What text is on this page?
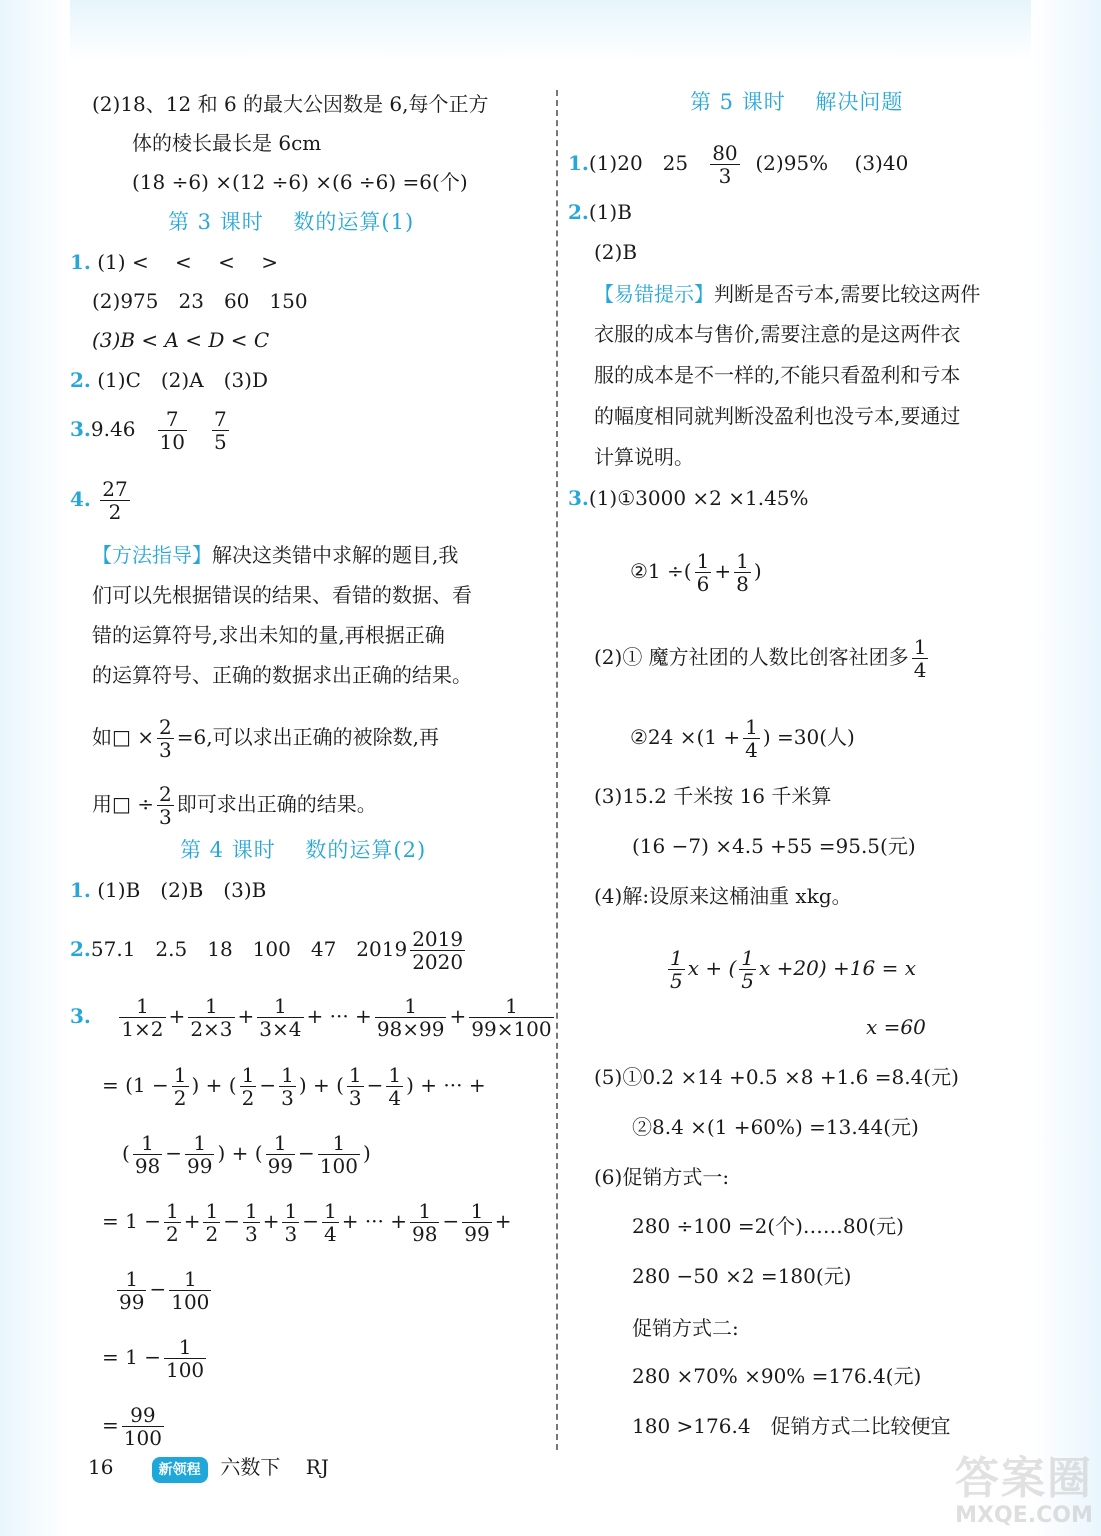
(2)18、12 和 6 的最大公因数是 6,每个正方
体的棱长最长是 6cm
(18 ÷6) ×(12 ÷6) ×(6 ÷6) =6(个)
第 3 课时　 数的运算(1)
1. (1) <　 <　 <　 >
(2)975　23　60　150
(3)B < A < D < C
2. (1)C　(2)A　(3)D
$3.9.46 \frac{7}{10}$
$\frac{7}{5}$
4. $\frac{27}{2}$
【方法指导】解决这类错中求解的题目,我
们可以先根据错误的结果、看错的数据、看
错的运算符号,求出未知的量,再根据正确
的运算符号、正确的数据求出正确的结果。
如□ × $\frac{2}{3} =6$,可以求出正确的被除数,再
用□ ÷ $\frac{2}{3}$ 即可求出正确的结果。
第 4 课时　 数的运算(2)
1. (1)B　(2)B　(3)B
2.57.1　2.5　18　100　47　$2019 \frac{2019}{2020}$
3. $\frac{1}{1\times 2} + \frac{1}{2\times 3} + \frac{1}{3\times 4}$ + ··· + $\frac{1}{98\times 99} + \frac{1}{99\times 100}$
= ($1 - \frac{1}{2}$ ) + ( $\frac{1}{2} - \frac{1}{3}$ ) + ( $\frac{1}{3} - \frac{1}{4}$ ) + ··· +
( $\frac{1}{98} - \frac{1}{99}$ ) + ( $\frac{1}{99} - \frac{1}{100}$ )
= $1 - \frac{1}{2} + \frac{1}{2} - \frac{1}{3} + \frac{1}{3} - \frac{1}{4}$ + ··· + $\frac{1}{98} - \frac{1}{99}$ +
$\frac{1}{99} - \frac{1}{100}$
= $1 - \frac{1}{100}$
= $\frac{99}{100}$
16	新领程 六数下 RJ
第 5 课时　 解决问题
1.(1)20　$25 \frac{80}{3} (2)95\%$　 (3)40
2.(1)B
(2)B
【易错提示】判断是否亏本,需要比较这两件
衣服的成本与售价,需要注意的是这两件衣
服的成本是不一样的,不能只看盈利和亏本
的幅度相同就判断没盈利也没亏本,要通过
计算说明。
3.(1)①3000 ×2 ×1.45%
②1 ÷( $\frac{1}{6} + \frac{1}{8}$ )
(2)① 魔方社团的人数比创客社团多 $\frac{1}{4}$
②24 $\times(1 + \frac{1}{4}$ ) =30(人)
(3)15.2 千米按 16 千米算
(16 −7) ×4.5 +55 =95.5(元)
(4)解:设原来这桶油重 xkg。
$\frac{1}{5}$ x + ( $\frac{1}{5}$ x +20) +16 = x
x =60
(5)①0.2 ×14 +0.5 ×8 +1.6 =8.4(元)
②8.4 ×(1 +60%) =13.44(元)
(6)促销方式一:
280 ÷100 =2(个)……80(元)
280 −50 ×2 =180(元)
促销方式二:
280 ×70% ×90% =176.4(元)
180 >176.4　促销方式二比较便宜
答案圈
MXQE.COM
